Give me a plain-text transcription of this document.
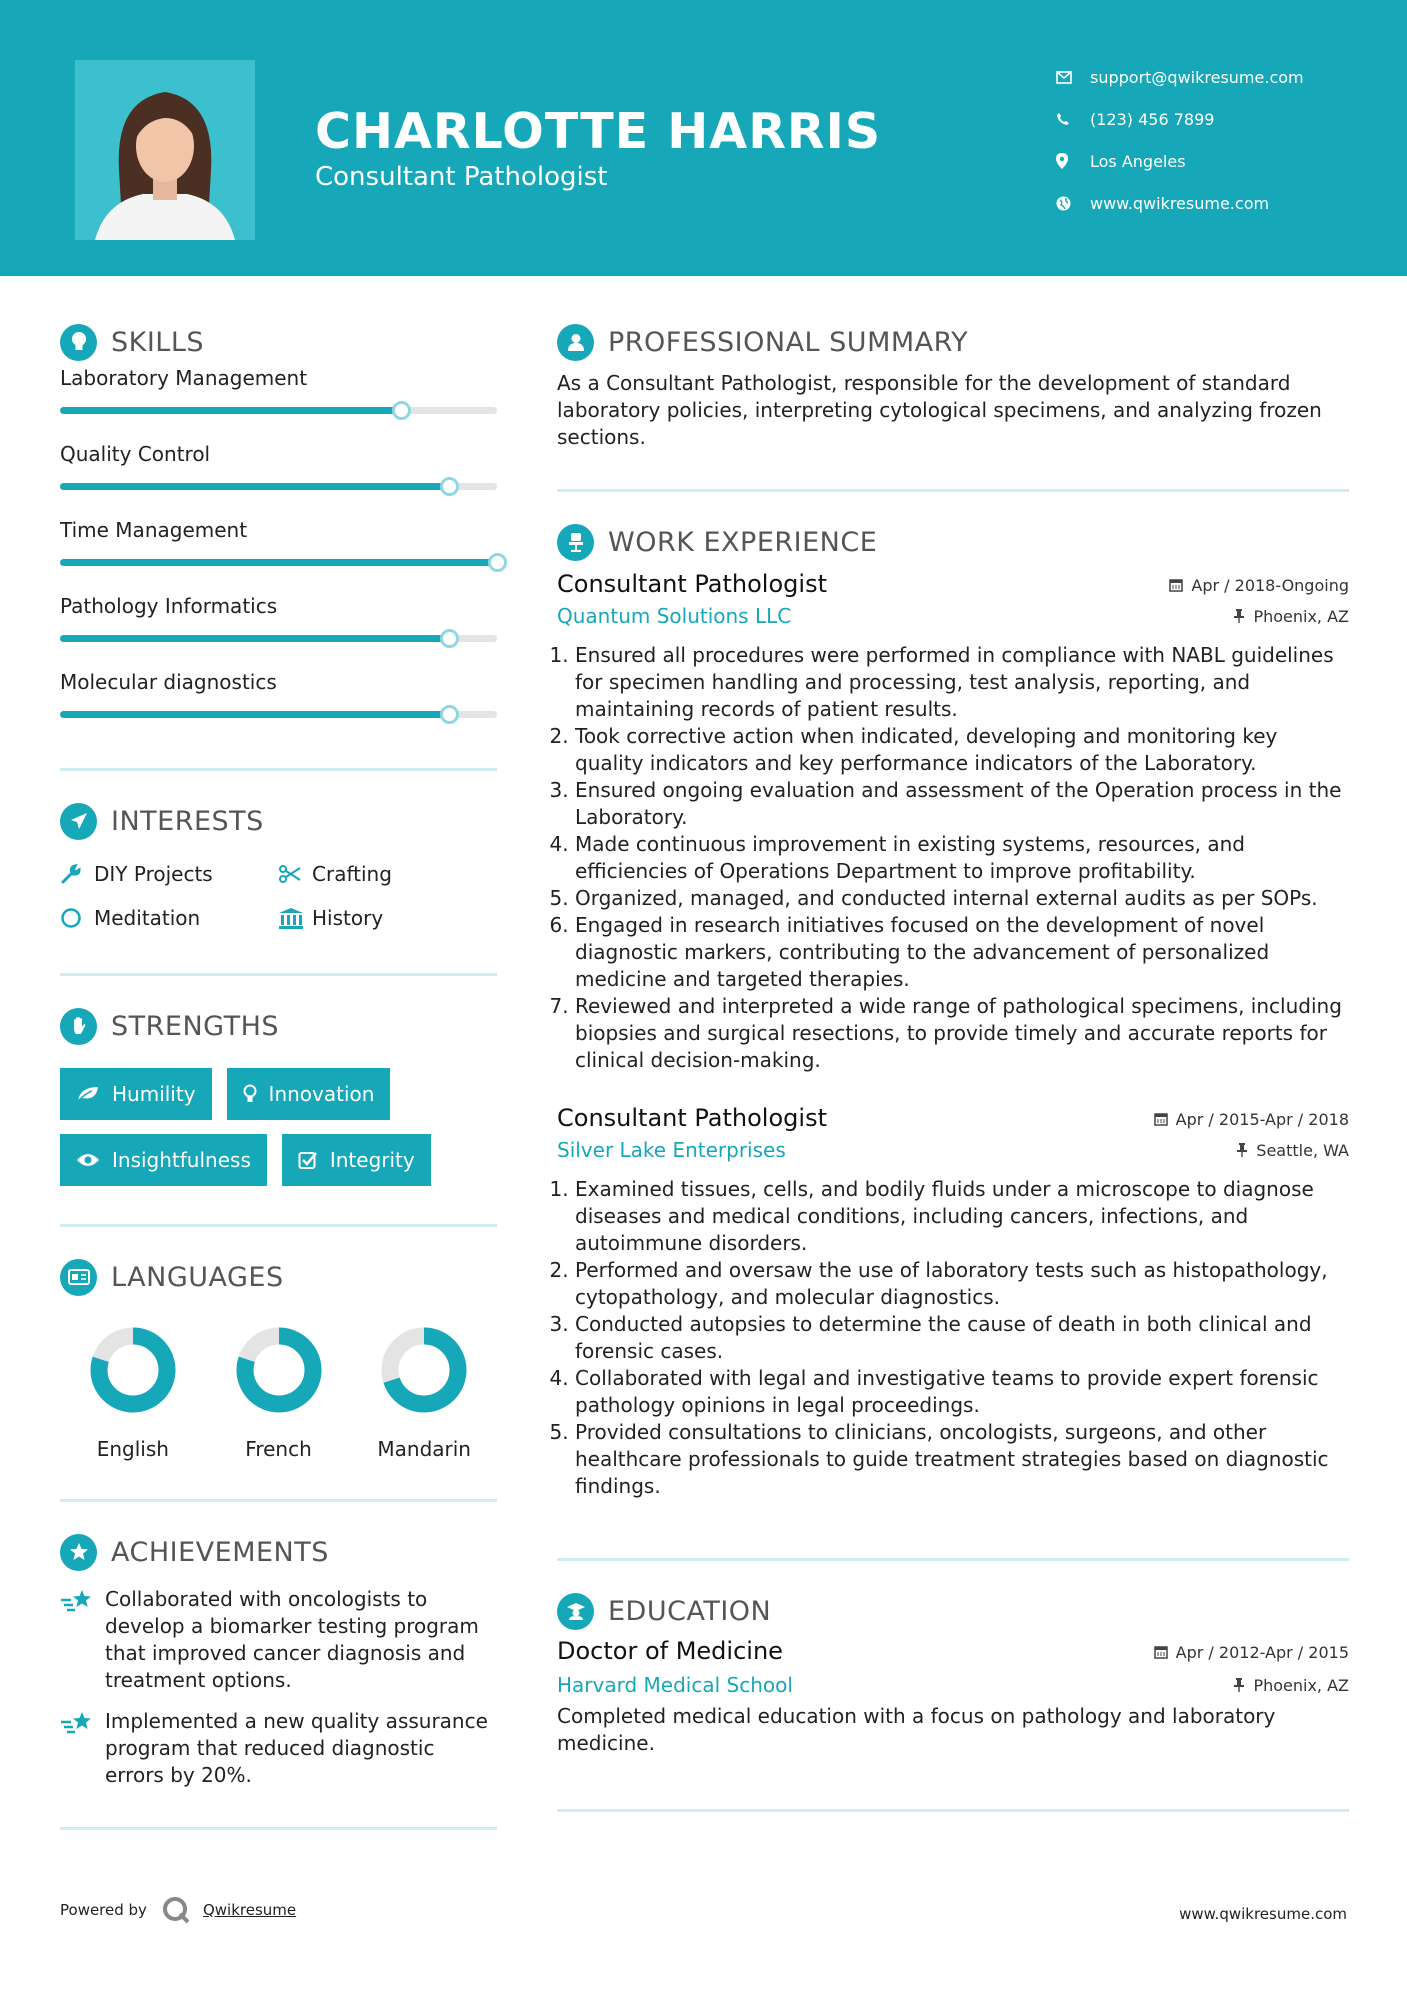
CHARLOTTE HARRIS
Consultant Pathologist
support@qwikresume.com
(123) 456 7899
Los Angeles
www.qwikresume.com
SKILLS
Laboratory Management
Quality Control
Time Management
Pathology Informatics
Molecular diagnostics
INTERESTS
DIY Projects	Crafting
Meditation	History
STRENGTHS
Humility	Innovation
Insightfulness	Integrity
LANGUAGES
English	French	Mandarin
ACHIEVEMENTS
Collaborated with oncologists to develop a biomarker testing program that improved cancer diagnosis and treatment options.
Implemented a new quality assurance program that reduced diagnostic errors by 20%.
PROFESSIONAL SUMMARY

As a Consultant Pathologist, responsible for the development of standard laboratory policies, interpreting cytological specimens, and analyzing frozen sections.

WORK EXPERIENCE
Consultant Pathologist	Apr / 2018-Ongoing
Quantum Solutions LLC	Phoenix, AZ
1. Ensured all procedures were performed in compliance with NABL guidelines for specimen handling and processing, test analysis, reporting, and maintaining records of patient results.
2. Took corrective action when indicated, developing and monitoring key quality indicators and key performance indicators of the Laboratory.
3. Ensured ongoing evaluation and assessment of the Operation process in the Laboratory.
4. Made continuous improvement in existing systems, resources, and efficiencies of Operations Department to improve profitability.
5. Organized, managed, and conducted internal external audits as per SOPs.
6. Engaged in research initiatives focused on the development of novel diagnostic markers, contributing to the advancement of personalized medicine and targeted therapies.
7. Reviewed and interpreted a wide range of pathological specimens, including biopsies and surgical resections, to provide timely and accurate reports for clinical decision-making.
Consultant Pathologist	Apr / 2015-Apr / 2018
Silver Lake Enterprises	Seattle, WA
1. Examined tissues, cells, and bodily fluids under a microscope to diagnose diseases and medical conditions, including cancers, infections, and autoimmune disorders.
2. Performed and oversaw the use of laboratory tests such as histopathology, cytopathology, and molecular diagnostics.
3. Conducted autopsies to determine the cause of death in both clinical and forensic cases.
4. Collaborated with legal and investigative teams to provide expert forensic pathology opinions in legal proceedings.
5. Provided consultations to clinicians, oncologists, surgeons, and other healthcare professionals to guide treatment strategies based on diagnostic findings.
EDUCATION
Doctor of Medicine	Apr / 2012-Apr / 2015
Harvard Medical School	Phoenix, AZ

Completed medical education with a focus on pathology and laboratory medicine.

Powered by	Qwikresume	www.qwikresume.com
